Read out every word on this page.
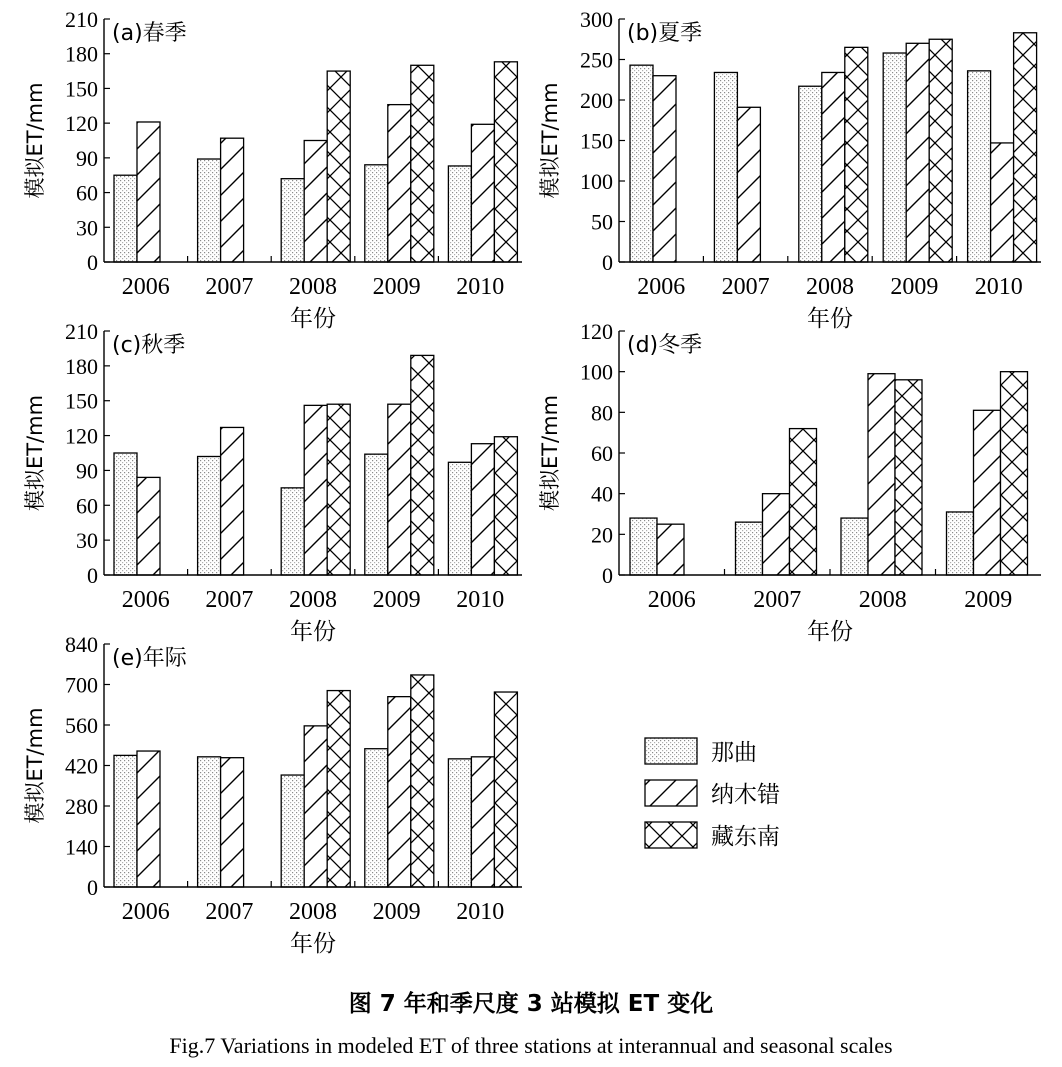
0
30
60
90
120
150
180
210
2006 2007 2008 2009 2010
(a)春季
年份
模拟ET/mm
0
50
100
150
200
250
300
2006 2007 2008 2009 2010
(b)夏季
年份
模拟ET/mm
0
30
60
90
120
150
180
210
2006 2007 2008 2009 2010
(c)秋季
年份
模拟ET/mm
0
20
40
60
80
100
120
2006 2007 2008 2009
(d)冬季
年份
模拟ET/mm
0
140
280
420
560
700
840
2006 2007 2008 2009 2010
(e)年际
年份
模拟ET/mm	那曲
纳木错
藏东南
图 7 年和季尺度 3 站模拟 ET 变化
Fig.7 Variations in modeled ET of three stations at interannual and seasonal scales
